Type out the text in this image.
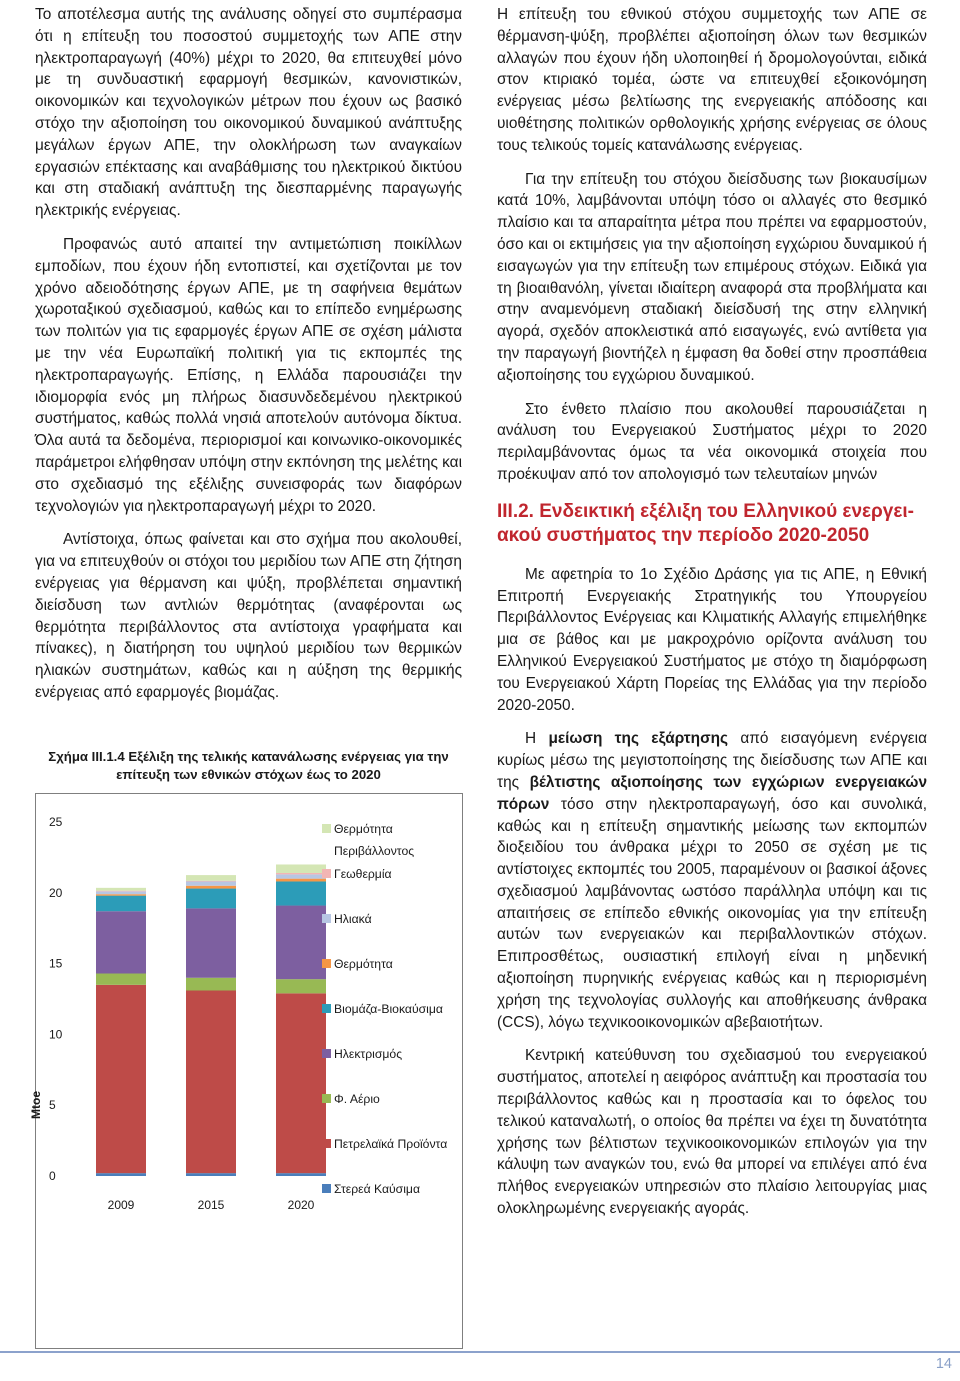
Το αποτέλεσμα αυτής της ανάλυσης οδηγεί στο συμπέρασμα ότι η επίτευξη του ποσοστού συμμετοχής των ΑΠΕ στην ηλεκτροπαραγωγή (40%) μέχρι το 2020, θα επιτευχθεί μόνο με τη συνδυαστική εφαρμογή θεσμικών, κανονιστικών, οικονομικών και τεχνολογικών μέτρων που έχουν ως βασικό στόχο την αξιοποίηση του οικονομικού δυναμικού ανάπτυξης μεγάλων έργων ΑΠΕ, την ολοκλήρωση των αναγκαίων εργασιών επέκτασης και αναβάθμισης του ηλεκτρικού δικτύου και στη σταδιακή ανάπτυξη της διεσπαρμένης παραγωγής ηλεκτρικής ενέργειας.

Προφανώς αυτό απαιτεί την αντιμετώπιση ποικίλλων εμποδίων, που έχουν ήδη εντοπιστεί, και σχετίζονται με τον χρόνο αδειοδότησης έργων ΑΠΕ, με τη σαφήνεια θεμάτων χωροταξικού σχεδιασμού, καθώς και το επίπεδο ενημέρωσης των πολιτών για τις εφαρμογές έργων ΑΠΕ σε σχέση μάλιστα με την νέα Ευρωπαϊκή πολιτική για τις εκπομπές της ηλεκτροπαραγωγής. Επίσης, η Ελλάδα παρουσιάζει την ιδιομορφία ενός μη πλήρως διασυνδεδεμένου ηλεκτρικού συστήματος, καθώς πολλά νησιά αποτελούν αυτόνομα δίκτυα. Όλα αυτά τα δεδομένα, περιορισμοί και κοινωνικο-οικονομικές παράμετροι ελήφθησαν υπόψη στην εκπόνηση της μελέτης και στο σχεδιασμό της εξέλιξης συνεισφοράς των διαφόρων τεχνολογιών για ηλεκτροπαραγωγή μέχρι το 2020.

Αντίστοιχα, όπως φαίνεται και στο σχήμα που ακολουθεί, για να επιτευχθούν οι στόχοι του μεριδίου των ΑΠΕ στη ζήτηση ενέργειας για θέρμανση και ψύξη, προβλέπεται σημαντική διείσδυση των αντλιών θερμότητας (αναφέρονται ως θερμότητα περιβάλλοντος στα αντίστοιχα γραφήματα και πίνακες), η διατήρηση του υψηλού μεριδίου των θερμικών ηλιακών συστημάτων, καθώς και η αύξηση της θερμικής ενέργειας από εφαρμογές βιομάζας.

Σχήμα ΙΙΙ.1.4 Εξέλιξη της τελικής κατανάλωσης ενέργειας για την
επίτευξη των εθνικών στόχων έως το 2020
Mtoe
0
5
10
15
20
25
2009	2015	2020
Θερμότητα
Περιβάλλοντος
Γεωθερμία
Ηλιακά
Θερμότητα
Βιομάζα-Βιοκαύσιμα
Ηλεκτρισμός
Φ. Αέριο
Πετρελαϊκά Προϊόντα
Στερεά Καύσιμα

Η επίτευξη του εθνικού στόχου συμμετοχής των ΑΠΕ σε θέρμανση-ψύξη, προβλέπει αξιοποίηση όλων των θεσμικών αλλαγών που έχουν ήδη υλοποιηθεί ή δρομολογούνται, ειδικά στον κτιριακό τομέα, ώστε να επιτευχθεί εξοικονόμηση ενέργειας μέσω βελτίωσης της ενεργειακής απόδοσης και υιοθέτησης πολιτικών ορθολογικής χρήσης ενέργειας σε όλους τους τελικούς τομείς κατανάλωσης ενέργειας.

Για την επίτευξη του στόχου διείσδυσης των βιοκαυσίμων κατά 10%, λαμβάνονται υπόψη τόσο οι αλλαγές στο θεσμικό πλαίσιο και τα απαραίτητα μέτρα που πρέπει να εφαρμοστούν, όσο και οι εκτιμήσεις για την αξιοποίηση εγχώριου δυναμικού ή εισαγωγών για την επίτευξη των επιμέρους στόχων. Ειδικά για τη βιοαιθανόλη, γίνεται ιδιαίτερη αναφορά στα προβλήματα και στην αναμενόμενη σταδιακή διείσδυσή της στην ελληνική αγορά, σχεδόν αποκλειστικά από εισαγωγές, ενώ αντίθετα για την παραγωγή βιοντήζελ η έμφαση θα δοθεί στην προσπάθεια αξιοποίησης του εγχώριου δυναμικού.

Στο ένθετο πλαίσιο που ακολουθεί παρουσιάζεται η ανάλυση του Ενεργειακού Συστήματος μέχρι το 2020 περιλαμβάνοντας όμως τα νέα οικονομικά στοιχεία που προέκυψαν από τον απολογισμό των τελευταίων μηνών

ΙΙΙ.2. Ενδεικτική εξέλιξη του Ελληνικού ενεργει-
ακού συστήματος την περίοδο 2020-2050

Με αφετηρία το 1ο Σχέδιο Δράσης για τις ΑΠΕ, η Εθνική Επιτροπή Ενεργειακής Στρατηγικής του Υπουργείου Περιβάλλοντος Ενέργειας και Κλιματικής Αλλαγής επιμελήθηκε μια σε βάθος και με μακροχρόνιο ορίζοντα ανάλυση του Ελληνικού Ενεργειακού Συστήματος με στόχο τη διαμόρφωση του Ενεργειακού Χάρτη Πορείας της Ελλάδας για την περίοδο 2020-2050.

Η μείωση της εξάρτησης από εισαγόμενη ενέργεια κυρίως μέσω της μεγιστοποίησης της διείσδυσης των ΑΠΕ και της βέλτιστης αξιοποίησης των εγχώριων ενεργειακών πόρων τόσο στην ηλεκτροπαραγωγή, όσο και συνολικά, καθώς και η επίτευξη σημαντικής μείωσης των εκπομπών διοξειδίου του άνθρακα μέχρι το 2050 σε σχέση με τις αντίστοιχες εκπομπές του 2005, παραμένουν οι βασικοί άξονες σχεδιασμού λαμβάνοντας ωστόσο παράλληλα υπόψη και τις απαιτήσεις σε επίπεδο εθνικής οικονομίας για την επίτευξη αυτών των ενεργειακών και περιβαλλοντικών στόχων. Επιπροσθέτως, ουσιαστική επιλογή είναι η μηδενική αξιοποίηση πυρηνικής ενέργειας καθώς και η περιορισμένη χρήση της τεχνολογίας συλλογής και αποθήκευσης άνθρακα (CCS), λόγω τεχνικοοικονομικών αβεβαιοτήτων.

Κεντρική κατεύθυνση του σχεδιασμού του ενεργειακού συστήματος, αποτελεί η αειφόρος ανάπτυξη και προστασία του περιβάλλοντος καθώς και η προστασία και το όφελος του τελικού καταναλωτή, ο οποίος θα πρέπει να έχει τη δυνατότητα χρήσης των βέλτιστων τεχνικοοικονομικών επιλογών για την κάλυψη των αναγκών του, ενώ θα μπορεί να επιλέγει από ένα πλήθος ενεργειακών υπηρεσιών στο πλαίσιο λειτουργίας μιας ολοκληρωμένης ενεργειακής αγοράς.

14
